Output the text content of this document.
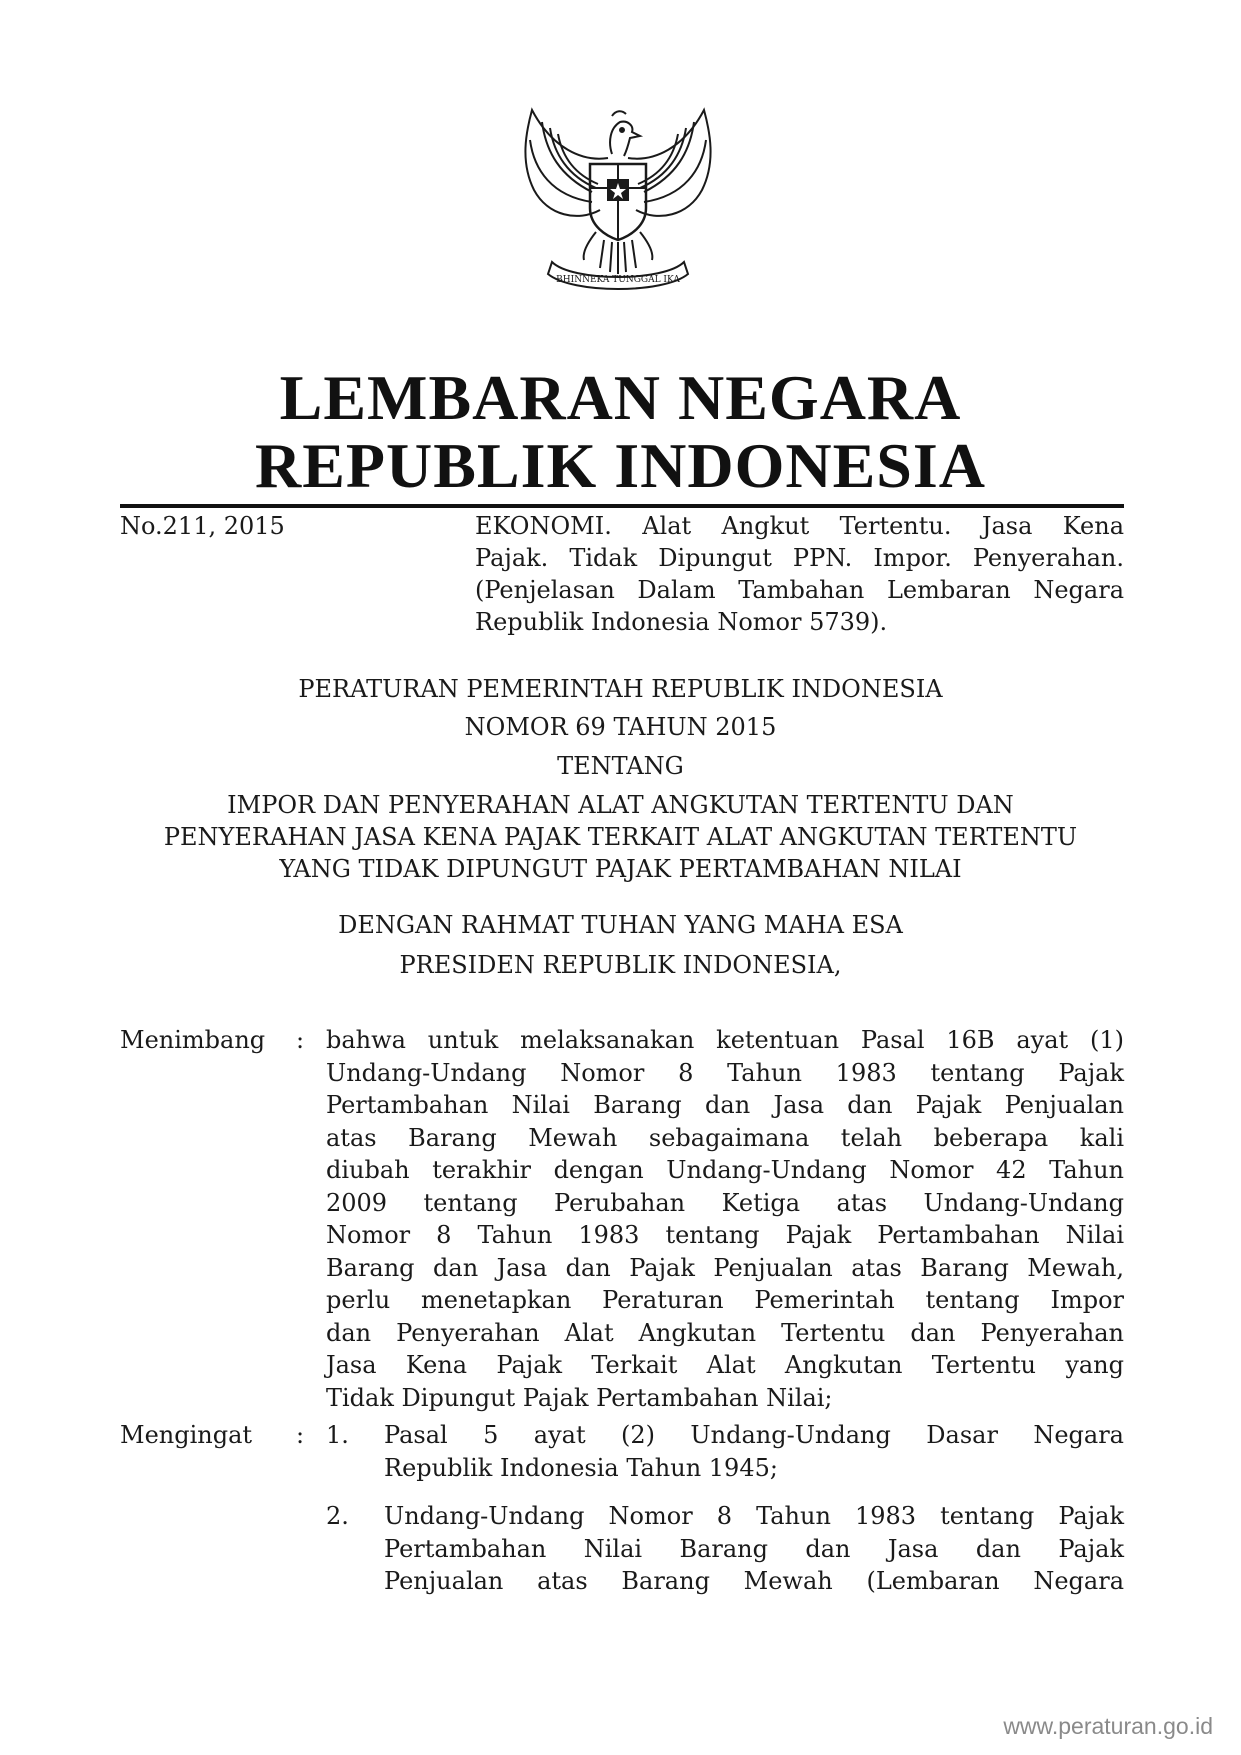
BHINNEKA TUNGGAL IKA
LEMBARAN NEGARA
REPUBLIK INDONESIA
No.211, 2015	EKONOMI. Alat Angkut Tertentu. Jasa Kena
Pajak. Tidak Dipungut PPN. Impor. Penyerahan.
(Penjelasan Dalam Tambahan Lembaran Negara
Republik Indonesia Nomor 5739).
PERATURAN PEMERINTAH REPUBLIK INDONESIA
NOMOR 69 TAHUN 2015
TENTANG
IMPOR DAN PENYERAHAN ALAT ANGKUTAN TERTENTU DAN
PENYERAHAN JASA KENA PAJAK TERKAIT ALAT ANGKUTAN TERTENTU
YANG TIDAK DIPUNGUT PAJAK PERTAMBAHAN NILAI
DENGAN RAHMAT TUHAN YANG MAHA ESA
PRESIDEN REPUBLIK INDONESIA,
Menimbang : bahwa untuk melaksanakan ketentuan Pasal 16B ayat (1)
Undang-Undang Nomor 8 Tahun 1983 tentang Pajak
Pertambahan Nilai Barang dan Jasa dan Pajak Penjualan
atas Barang Mewah sebagaimana telah beberapa kali
diubah terakhir dengan Undang-Undang Nomor 42 Tahun
2009 tentang Perubahan Ketiga atas Undang-Undang
Nomor 8 Tahun 1983 tentang Pajak Pertambahan Nilai
Barang dan Jasa dan Pajak Penjualan atas Barang Mewah,
perlu menetapkan Peraturan Pemerintah tentang Impor
dan Penyerahan Alat Angkutan Tertentu dan Penyerahan
Jasa Kena Pajak Terkait Alat Angkutan Tertentu yang
Tidak Dipungut Pajak Pertambahan Nilai;
Mengingat : 1. Pasal 5 ayat (2) Undang-Undang Dasar Negara
Republik Indonesia Tahun 1945;
2. Undang-Undang Nomor 8 Tahun 1983 tentang Pajak
Pertambahan Nilai Barang dan Jasa dan Pajak
Penjualan atas Barang Mewah (Lembaran Negara
www.peraturan.go.id
